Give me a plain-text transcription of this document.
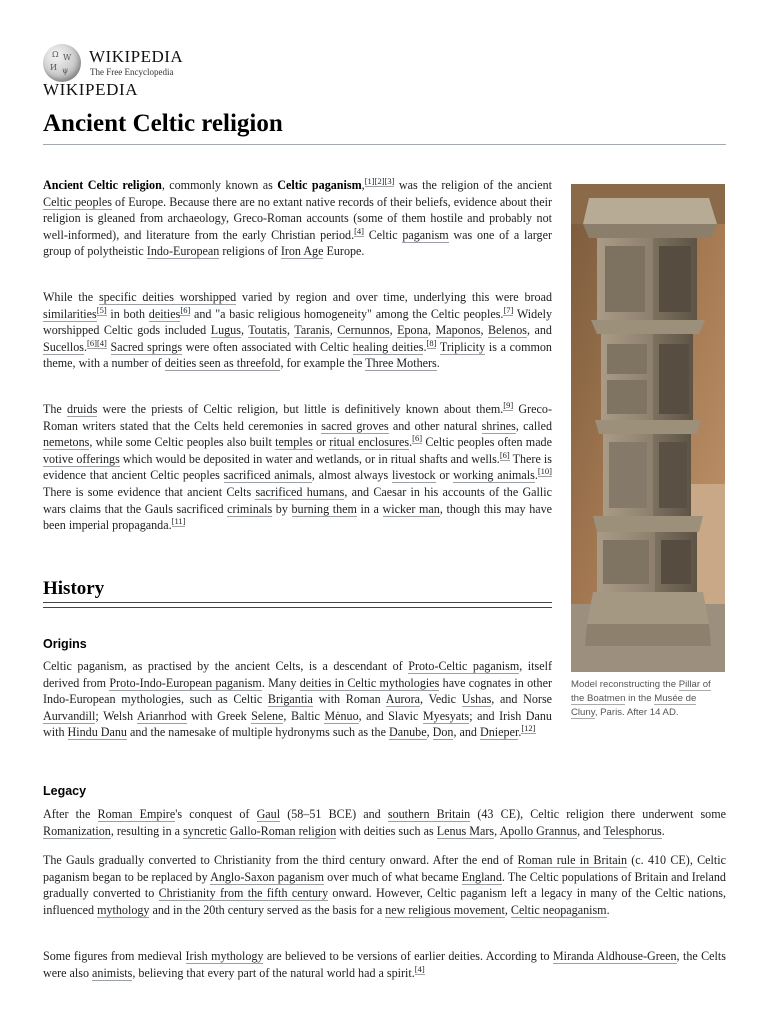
Ω W
И ψ
WIKIPEDIA
The Free Encyclopedia
WIKIPEDIA
Ancient Celtic religion

Ancient Celtic religion, commonly known as Celtic paganism,[1][2][3] was the religion of the ancient Celtic peoples of Europe. Because there are no extant native records of their beliefs, evidence about their religion is gleaned from archaeology, Greco-Roman accounts (some of them hostile and probably not well-informed), and literature from the early Christian period.[4] Celtic paganism was one of a larger group of polytheistic Indo-European religions of Iron Age Europe.

While the specific deities worshipped varied by region and over time, underlying this were broad similarities[5] in both deities[6] and "a basic religious homogeneity" among the Celtic peoples.[7] Widely worshipped Celtic gods included Lugus, Toutatis, Taranis, Cernunnos, Epona, Maponos, Belenos, and Sucellos.[6][4] Sacred springs were often associated with Celtic healing deities.[8] Triplicity is a common theme, with a number of deities seen as threefold, for example the Three Mothers.

The druids were the priests of Celtic religion, but little is definitively known about them.[9] Greco-Roman writers stated that the Celts held ceremonies in sacred groves and other natural shrines, called nemetons, while some Celtic peoples also built temples or ritual enclosures.[6] Celtic peoples often made votive offerings which would be deposited in water and wetlands, or in ritual shafts and wells.[6] There is evidence that ancient Celtic peoples sacrificed animals, almost always livestock or working animals.[10] There is some evidence that ancient Celts sacrificed humans, and Caesar in his accounts of the Gallic wars claims that the Gauls sacrificed criminals by burning them in a wicker man, though this may have been imperial propaganda.[11]

History
Origins

Celtic paganism, as practised by the ancient Celts, is a descendant of Proto-Celtic paganism, itself derived from Proto-Indo-European paganism. Many deities in Celtic mythologies have cognates in other Indo-European mythologies, such as Celtic Brigantia with Roman Aurora, Vedic Ushas, and Norse Aurvandill; Welsh Arianrhod with Greek Selene, Baltic Mėnuo, and Slavic Myesyats; and Irish Danu with Hindu Danu and the namesake of multiple hydronyms such as the Danube, Don, and Dnieper.[12]

Legacy

After the Roman Empire's conquest of Gaul (58–51 BCE) and southern Britain (43 CE), Celtic religion there underwent some Romanization, resulting in a syncretic Gallo-Roman religion with deities such as Lenus Mars, Apollo Grannus, and Telesphorus.

The Gauls gradually converted to Christianity from the third century onward. After the end of Roman rule in Britain (c. 410 CE), Celtic paganism began to be replaced by Anglo-Saxon paganism over much of what became England. The Celtic populations of Britain and Ireland gradually converted to Christianity from the fifth century onward. However, Celtic paganism left a legacy in many of the Celtic nations, influenced mythology and in the 20th century served as the basis for a new religious movement, Celtic neopaganism.

Some figures from medieval Irish mythology are believed to be versions of earlier deities. According to Miranda Aldhouse-Green, the Celts were also animists, believing that every part of the natural world had a spirit.[4]

Model reconstructing the Pillar of the Boatmen in the Musée de Cluny, Paris. After 14 AD.
